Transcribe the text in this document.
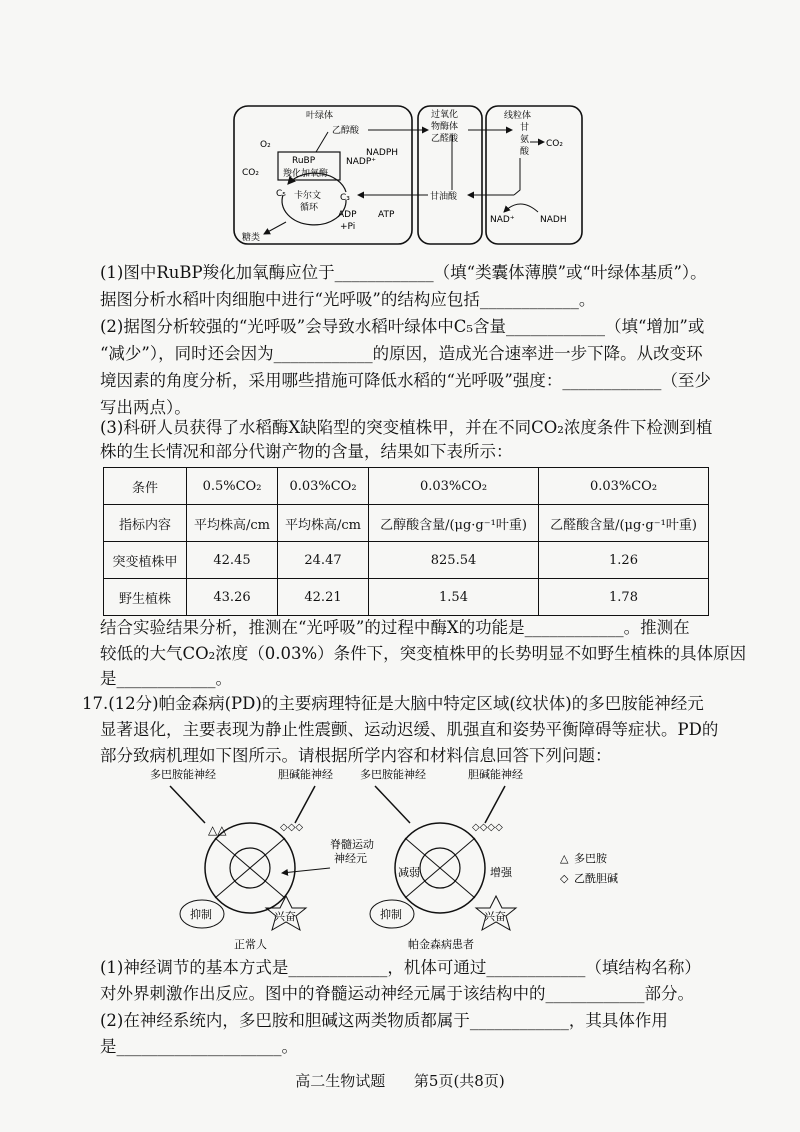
叶绿体	过氧化
物酶体
乙醛酸
线粒体
甘
氨
酸
CO₂
O₂
CO₂
RuBP
羧化加氧酶
乙醇酸
NADPH
NADP⁺
C₅	C₃
卡尔文
循环
ADP
+Pi
ATP
甘油酸
NAD⁺	NADH
糖类
(1)图中RuBP羧化加氧酶应位于____________（填“类囊体薄膜”或“叶绿体基质”）。
据图分析水稻叶肉细胞中进行“光呼吸”的结构应包括____________。
(2)据图分析较强的“光呼吸”会导致水稻叶绿体中C₅含量____________（填“增加”或
“减少”），同时还会因为____________的原因，造成光合速率进一步下降。从改变环
境因素的角度分析，采用哪些措施可降低水稻的“光呼吸”强度：____________（至少
写出两点）。
(3)科研人员获得了水稻酶X缺陷型的突变植株甲，并在不同CO₂浓度条件下检测到植
株的生长情况和部分代谢产物的含量，结果如下表所示：
条件	0.5%CO₂	0.03%CO₂	0.03%CO₂	0.03%CO₂
指标内容	平均株高/cm	平均株高/cm	乙醇酸含量/(μg·g⁻¹叶重)	乙醛酸含量/(μg·g⁻¹叶重)
突变植株甲	42.45	24.47	825.54	1.26
野生植株	43.26	42.21	1.54	1.78
结合实验结果分析，推测在“光呼吸”的过程中酶X的功能是____________。推测在
较低的大气CO₂浓度（0.03%）条件下，突变植株甲的长势明显不如野生植株的具体原因
是____________。
17.(12分)帕金森病(PD)的主要病理特征是大脑中特定区域(纹状体)的多巴胺能神经元
显著退化，主要表现为静止性震颤、运动迟缓、肌强直和姿势平衡障碍等症状。PD的
部分致病机理如下图所示。请根据所学内容和材料信息回答下列问题：
多巴胺能神经	胆碱能神经
△△	◇◇◇
脊髓运动
神经元
抑制	兴奋
正常人
多巴胺能神经	胆碱能神经
◇◇◇◇
减弱	增强
抑制	兴奋
帕金森病患者
△ 多巴胺
◇ 乙酰胆碱
(1)神经调节的基本方式是____________，机体可通过____________（填结构名称）
对外界刺激作出反应。图中的脊髓运动神经元属于该结构中的____________部分。
(2)在神经系统内，多巴胺和胆碱这两类物质都属于____________，其具体作用
是____________________。
高二生物试题 第5页(共8页)
